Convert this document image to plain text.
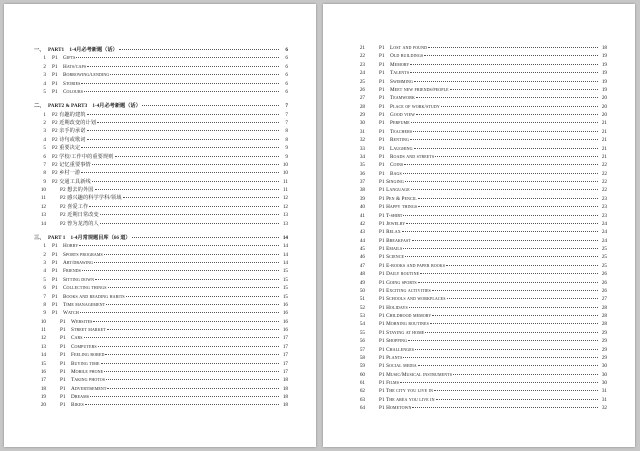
一、 PART1　1-4月必考新题（话）	6
1 P1　Gifts	6
2 P1　Hats/caps	6
3 P1　Borrowing/lending	6
4 P1　Stories	6
5 P1　Colours	6
二、 PART2 & PART3　1-4月必考新题（话）	7
1 P2 有趣的建筑	7
2 P2 近期改变的计划	7
3 P2 亲手的承诺	8
4 P2 诗句或歌词	8
5 P2 重要决定	9
6 P2 学校/工作中的重要规则	9
7 P2 记忆重要事情	10
8 P2 乡村一游	10
9 P2 交通工具新线	11
10	P2 想去的外国	11
11	P2 感兴趣的科学学科/领域	12
12	P2 喜爱工作	12
13	P2 近期日常改变	13
14	P2 曾为龙湾的人	13
三、 PART 1　1-4月常规题目库（66 道）	14
1 P1　Hobby	14
2 P1　Sports programs	14
3 P1　Art/drawing	14
4 P1　Friends	15
5 P1　Sitting down	15
6 P1　Collecting things	15
7 P1　Books and reading habits	15
8 P1　Time management	16
9 P1　Watch	16
10	P1　Websites	16
11	P1　Street market	16
12	P1　Cars	17
13	P1　Computers	17
14	P1　Feeling bored	17
15	P1　Buying time	17
16	P1　Mobile phone	17
17	P1　Taking photos	18
18	P1　Advertisement	18
19	P1　Dreams	18
20	P1　Bikes	18
21	P1　Lost and found	18
22	P1　Old buildings	19
23	P1　Memory	19
24	P1　Talents	19
25	P1　Swimming	19
26	P1　Meet new friends/people	19
27	P1　Teamwork	20
28	P1　Place of work/study	20
29	P1　Good view	20
30	P1　Perfume	21
31	P1　Teachers	21
32	P1　Renting	21
33	P1　Laughing	21
34	P1　Roads and streets	21
35	P1　Coins	22
36	P1　Bags	22
37	P1 Singing	22
38	P1 Language	22
39	P1 Pen & Pencil	23
40	P1 Happy things	23
41	P1 T-shirt	23
42	P1 Jewelry	24
43	P1 Relax	24
44	P1 Breakfast	24
45	P1 Emails	25
46	P1 Science	25
47	P1 E-books and paper books	25
48	P1 Daily routine	26
49	P1 Going sports	26
50	P1 Exciting activities	26
51	P1 Schools and workplaces	27
52	P1 Holidays	28
53	P1 Childhood memory	28
54	P1 Morning routines	28
55	P1 Staying at home	29
56	P1 Shopping	29
57	P1 Challenges	29
58	P1 Plants	29
59	P1 Social media	30
60	P1 Music/Musical instruments	30
61	P1 Films	30
62	P1 The city you live in	31
63	P1 The area you live in	31
64	P1 Hometown	32
